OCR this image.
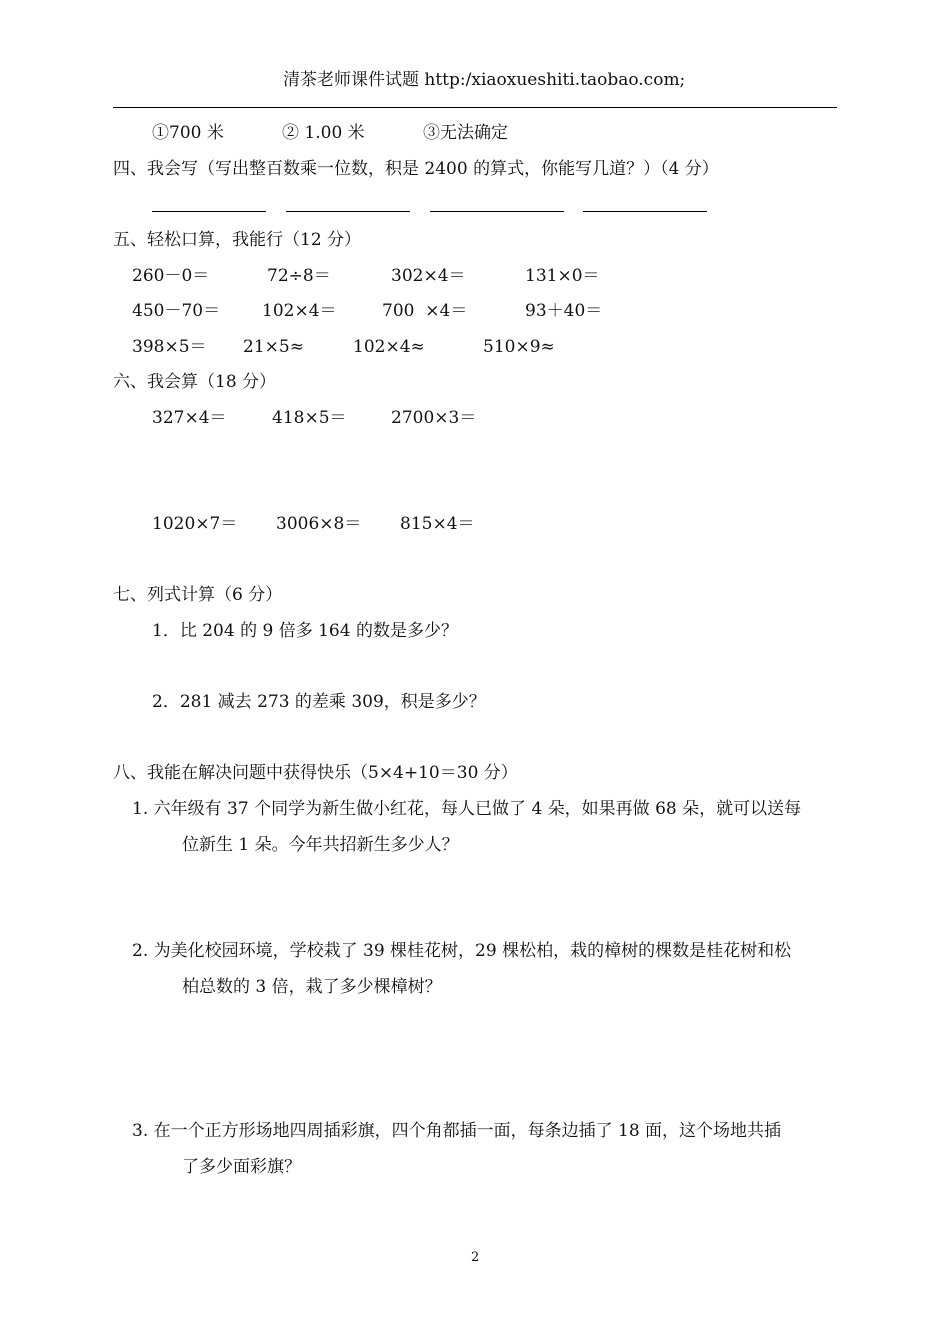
清茶老师课件试题 http:/xiaoxueshiti.taobao.com;
①700 米	② 1.00 米	③无法确定
四、我会写（写出整百数乘一位数，积是 2400 的算式，你能写几道？）（4 分）
五、轻松口算，我能行（12 分）
260－0＝	72÷8＝	302×4＝	131×0＝
450－70＝ 102×4＝	700  ×4＝	93＋40＝
398×5＝ 21×5≈	102×4≈	510×9≈
六、我会算（18 分）
327×4＝	418×5＝	2700×3＝
1020×7＝ 3006×8＝ 815×4＝
七、列式计算（6 分）
1．比 204 的 9 倍多 164 的数是多少？
2．281 减去 273 的差乘 309，积是多少？
八、我能在解决问题中获得快乐（5×4+10＝30 分）
1. 六年级有 37 个同学为新生做小红花，每人已做了 4 朵，如果再做 68 朵，就可以送每
位新生 1 朵。今年共招新生多少人？
2. 为美化校园环境，学校栽了 39 棵桂花树，29 棵松柏，栽的樟树的棵数是桂花树和松
柏总数的 3 倍，栽了多少棵樟树？
3. 在一个正方形场地四周插彩旗，四个角都插一面，每条边插了 18 面，这个场地共插
了多少面彩旗？
2
